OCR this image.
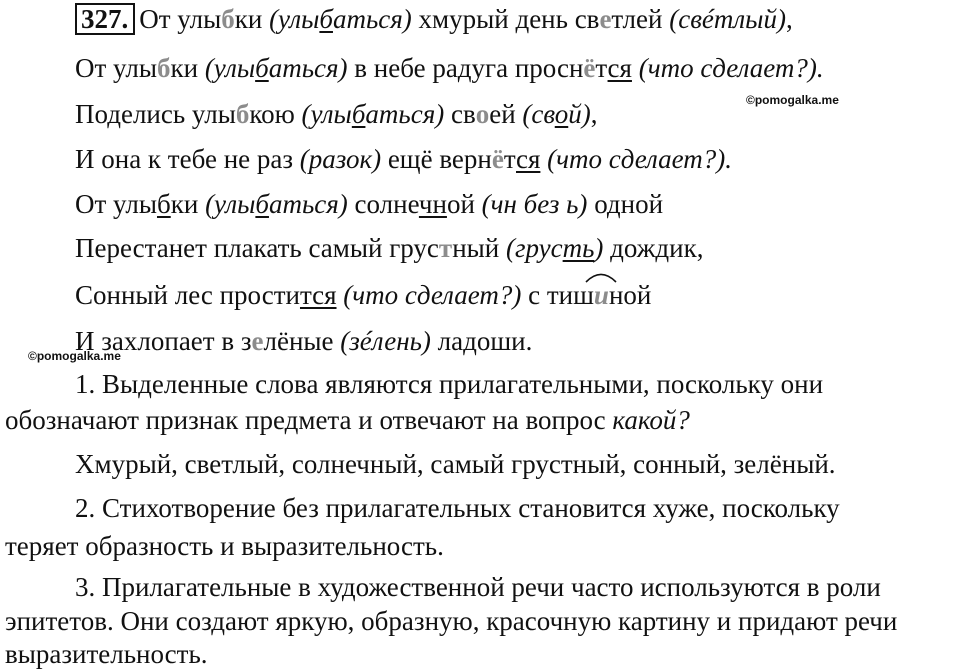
327. От улыбки (улыбаться) хмурый день светлей (свéтлый),
От улыбки (улыбаться) в небе радуга проснётся (что сделает?).
Поделись улыбкою (улыбаться) своей (свой),
И она к тебе не раз (разок) ещё вернётся (что сделает?).
От улыбки (улыбаться) солнечной (чн без ь) одной
Перестанет плакать самый грустный (грусть) дождик,
Сонный лес простится (что сделает?) с тиши
ной
И захлопает в зелёные (зéлень) ладоши.
©pomogalka.me
©pomogalka.me
1. Выделенные слова являются прилагательными, поскольку они
обозначают признак предмета и отвечают на вопрос какой?
Хмурый, светлый, солнечный, самый грустный, сонный, зелёный.
2. Стихотворение без прилагательных становится хуже, поскольку
теряет образность и выразительность.
3. Прилагательные в художественной речи часто используются в роли
эпитетов. Они создают яркую, образную, красочную картину и придают речи
выразительность.
